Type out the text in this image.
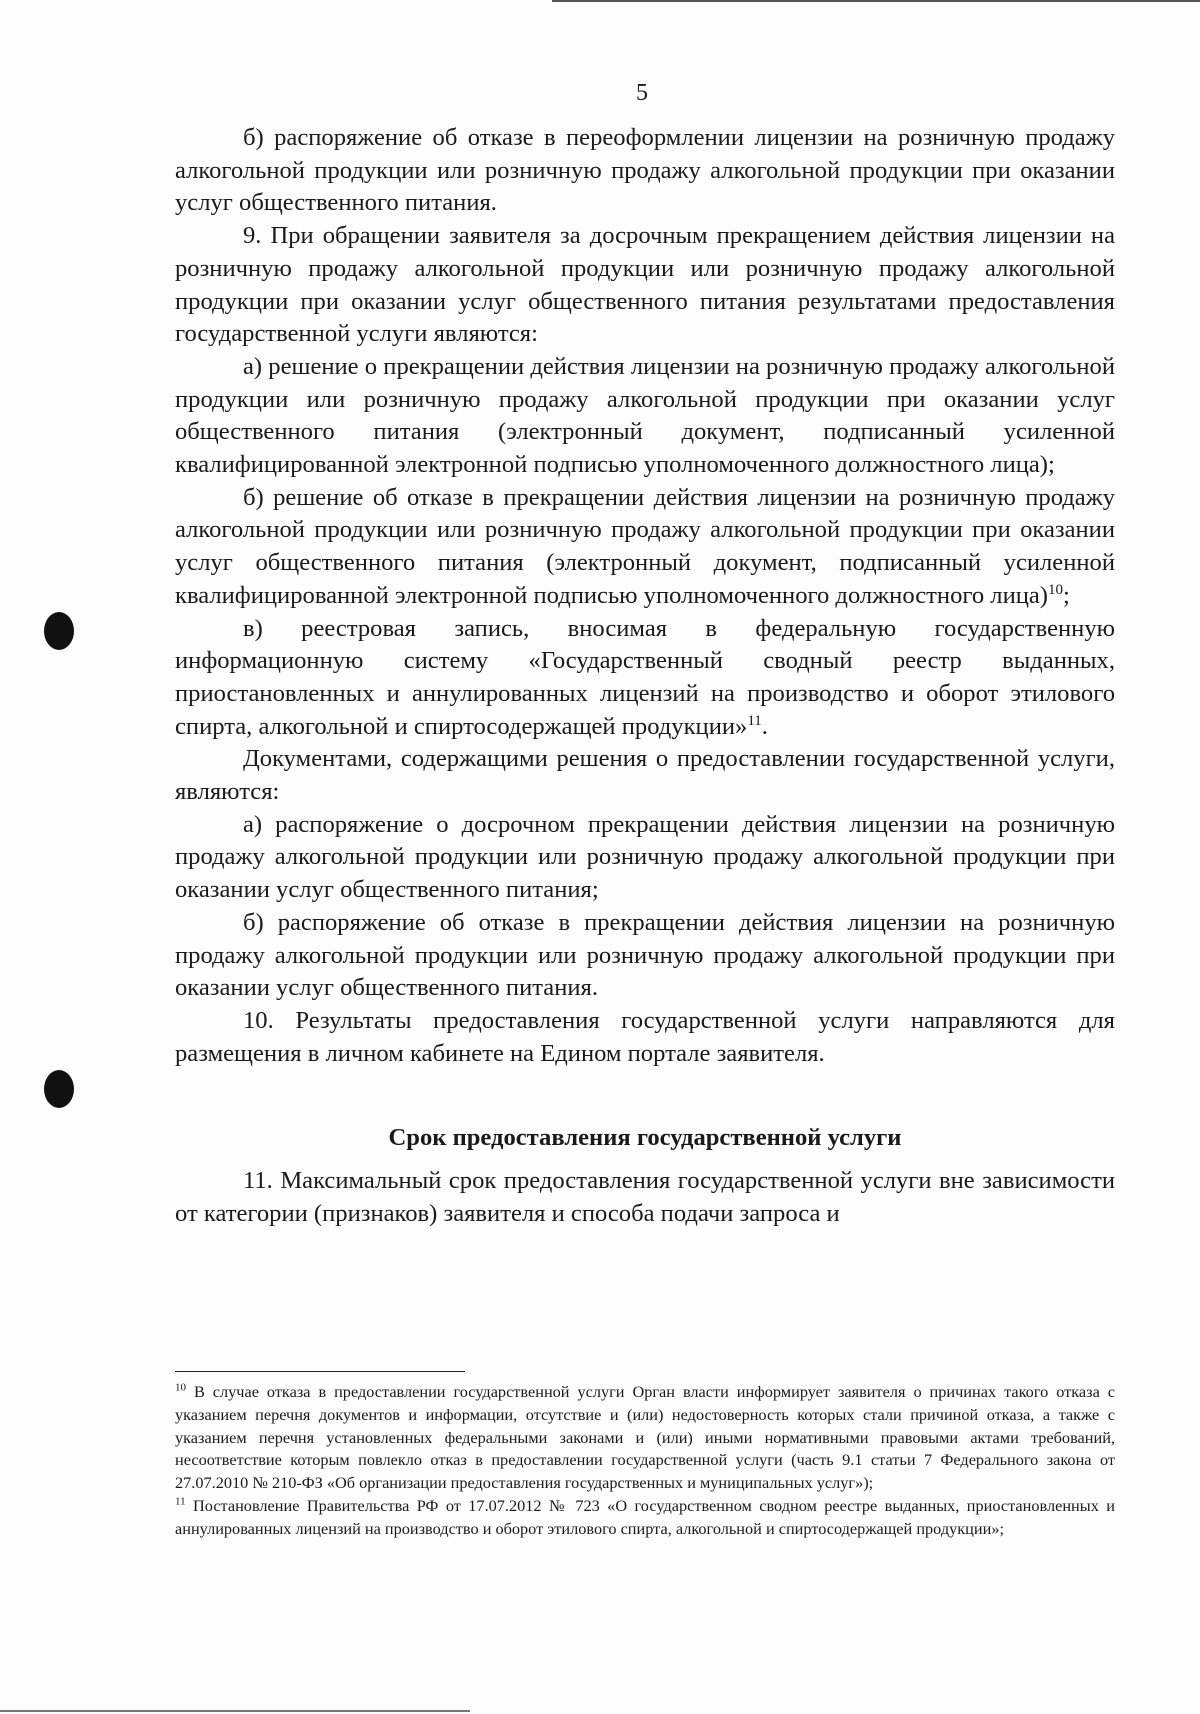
5

б) распоряжение об отказе в переоформлении лицензии на розничную продажу алкогольной продукции или розничную продажу алкогольной продукции при оказании услуг общественного питания.

9. При обращении заявителя за досрочным прекращением действия лицензии на розничную продажу алкогольной продукции или розничную продажу алкогольной продукции при оказании услуг общественного питания результатами предоставления государственной услуги являются:

а) решение о прекращении действия лицензии на розничную продажу алкогольной продукции или розничную продажу алкогольной продукции при оказании услуг общественного питания (электронный документ, подписанный усиленной квалифицированной электронной подписью уполномоченного должностного лица);

б) решение об отказе в прекращении действия лицензии на розничную продажу алкогольной продукции или розничную продажу алкогольной продукции при оказании услуг общественного питания (электронный документ, подписанный усиленной квалифицированной электронной подписью уполномоченного должностного лица)$^{10}$;

в) реестровая запись, вносимая в федеральную государственную информационную систему «Государственный сводный реестр выданных, приостановленных и аннулированных лицензий на производство и оборот этилового спирта, алкогольной и спиртосодержащей продукции»$^{11}$.

Документами, содержащими решения о предоставлении государственной услуги, являются:

а) распоряжение о досрочном прекращении действия лицензии на розничную продажу алкогольной продукции или розничную продажу алкогольной продукции при оказании услуг общественного питания;

б) распоряжение об отказе в прекращении действия лицензии на розничную продажу алкогольной продукции или розничную продажу алкогольной продукции при оказании услуг общественного питания.

10. Результаты предоставления государственной услуги направляются для размещения в личном кабинете на Едином портале заявителя.

Срок предоставления государственной услуги

11. Максимальный срок предоставления государственной услуги вне зависимости от категории (признаков) заявителя и способа подачи запроса и

$^{10}$ В случае отказа в предоставлении государственной услуги Орган власти информирует заявителя о причинах такого отказа с указанием перечня документов и информации, отсутствие и (или) недостоверность которых стали причиной отказа, а также с указанием перечня установленных федеральными законами и (или) иными нормативными правовыми актами требований, несоответствие которым повлекло отказ в предоставлении государственной услуги (часть 9.1 статьи 7 Федерального закона от 27.07.2010 № 210-ФЗ «Об организации предоставления государственных и муниципальных услуг»);

$^{11}$ Постановление Правительства РФ от 17.07.2012 № 723 «О государственном сводном реестре выданных, приостановленных и аннулированных лицензий на производство и оборот этилового спирта, алкогольной и спиртосодержащей продукции»;
